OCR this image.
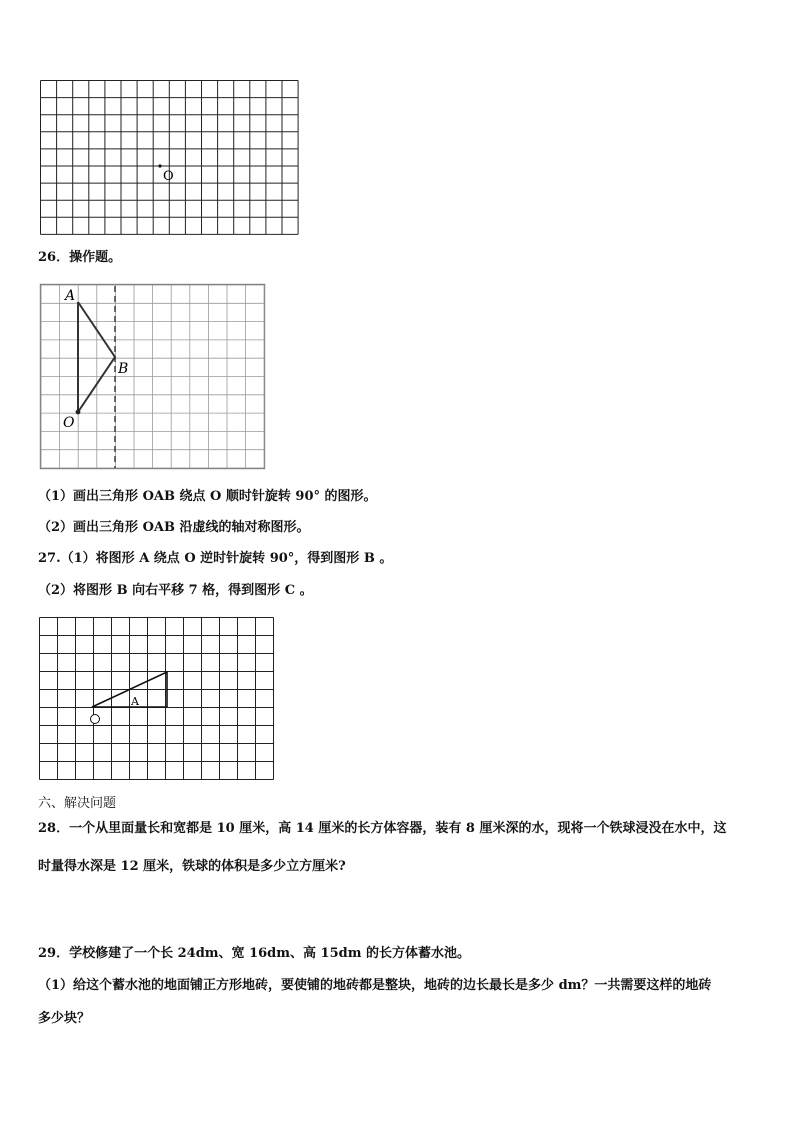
O
26．操作题。
A
B
O
（1）画出三角形 OAB 绕点 O 顺时针旋转 90° 的图形。
（2）画出三角形 OAB 沿虚线的轴对称图形。
27.（1）将图形 A 绕点 O 逆时针旋转 90°，得到图形 B 。
（2）将图形 B 向右平移 7 格，得到图形 C 。
A
六、解决问题
28．一个从里面量长和宽都是 10 厘米，高 14 厘米的长方体容器，装有 8 厘米深的水，现将一个铁球浸没在水中，这
时量得水深是 12 厘米，铁球的体积是多少立方厘米?
29．学校修建了一个长 24dm、宽 16dm、高 15dm 的长方体蓄水池。
（1）给这个蓄水池的地面铺正方形地砖，要使铺的地砖都是整块，地砖的边长最长是多少 dm？一共需要这样的地砖
多少块？
